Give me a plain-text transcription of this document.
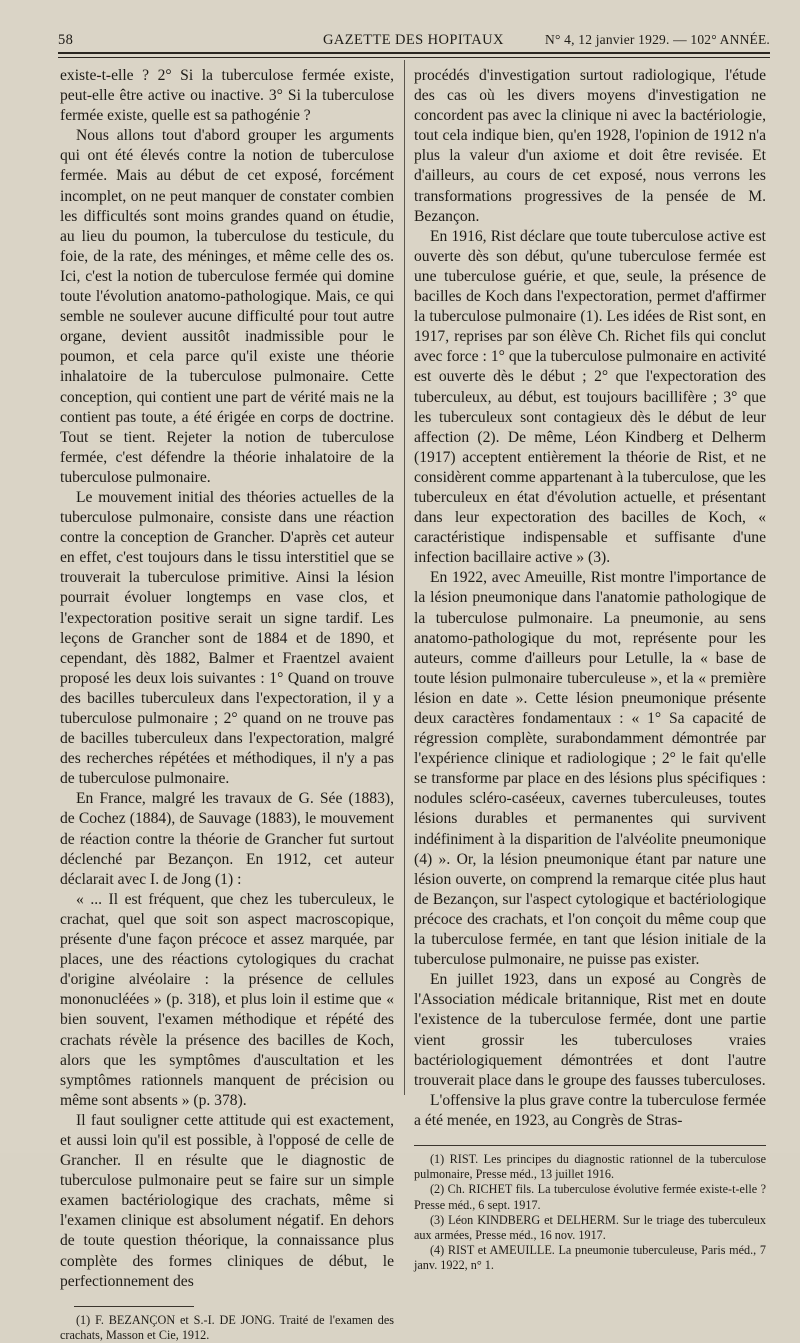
58	GAZETTE DES HOPITAUX	N° 4, 12 janvier 1929. — 102° ANNÉE.

existe-t-elle ? 2° Si la tuberculose fermée existe, peut-elle être active ou inactive. 3° Si la tuberculose fermée existe, quelle est sa pathogénie ?

Nous allons tout d'abord grouper les arguments qui ont été élevés contre la notion de tuberculose fermée. Mais au début de cet exposé, forcément incomplet, on ne peut manquer de constater combien les difficultés sont moins grandes quand on étudie, au lieu du poumon, la tuberculose du testicule, du foie, de la rate, des méninges, et même celle des os. Ici, c'est la notion de tuberculose fermée qui domine toute l'évolution anatomo-pathologique. Mais, ce qui semble ne soulever aucune difficulté pour tout autre organe, devient aussitôt inadmissible pour le poumon, et cela parce qu'il existe une théorie inhalatoire de la tuberculose pulmonaire. Cette conception, qui contient une part de vérité mais ne la contient pas toute, a été érigée en corps de doctrine. Tout se tient. Rejeter la notion de tuberculose fermée, c'est défendre la théorie inhalatoire de la tuberculose pulmonaire.

Le mouvement initial des théories actuelles de la tuberculose pulmonaire, consiste dans une réaction contre la conception de Grancher. D'après cet auteur en effet, c'est toujours dans le tissu interstitiel que se trouverait la tuberculose primitive. Ainsi la lésion pourrait évoluer longtemps en vase clos, et l'expectoration positive serait un signe tardif. Les leçons de Grancher sont de 1884 et de 1890, et cependant, dès 1882, Balmer et Fraentzel avaient proposé les deux lois suivantes : 1° Quand on trouve des bacilles tuberculeux dans l'expectoration, il y a tuberculose pulmonaire ; 2° quand on ne trouve pas de bacilles tuberculeux dans l'expectoration, malgré des recherches répétées et méthodiques, il n'y a pas de tuberculose pulmonaire.

En France, malgré les travaux de G. Sée (1883), de Cochez (1884), de Sauvage (1883), le mouvement de réaction contre la théorie de Grancher fut surtout déclenché par Bezançon. En 1912, cet auteur déclarait avec I. de Jong (1) :

« ... Il est fréquent, que chez les tuberculeux, le crachat, quel que soit son aspect macroscopique, présente d'une façon précoce et assez marquée, par places, une des réactions cytologiques du crachat d'origine alvéolaire : la présence de cellules mononucléées » (p. 318), et plus loin il estime que « bien souvent, l'examen méthodique et répété des crachats révèle la présence des bacilles de Koch, alors que les symptômes d'auscultation et les symptômes rationnels manquent de précision ou même sont absents » (p. 378).

Il faut souligner cette attitude qui est exactement, et aussi loin qu'il est possible, à l'opposé de celle de Grancher. Il en résulte que le diagnostic de tuberculose pulmonaire peut se faire sur un simple examen bactériologique des crachats, même si l'examen clinique est absolument négatif. En dehors de toute question théorique, la connaissance plus complète des formes cliniques de début, le perfectionnement des

(1) F. BEZANÇON et S.-I. DE JONG. Traité de l'examen des crachats, Masson et Cie, 1912.

procédés d'investigation surtout radiologique, l'étude des cas où les divers moyens d'investigation ne concordent pas avec la clinique ni avec la bactériologie, tout cela indique bien, qu'en 1928, l'opinion de 1912 n'a plus la valeur d'un axiome et doit être revisée. Et d'ailleurs, au cours de cet exposé, nous verrons les transformations progressives de la pensée de M. Bezançon.

En 1916, Rist déclare que toute tuberculose active est ouverte dès son début, qu'une tuberculose fermée est une tuberculose guérie, et que, seule, la présence de bacilles de Koch dans l'expectoration, permet d'affirmer la tuberculose pulmonaire (1). Les idées de Rist sont, en 1917, reprises par son élève Ch. Richet fils qui conclut avec force : 1° que la tuberculose pulmonaire en activité est ouverte dès le début ; 2° que l'expectoration des tuberculeux, au début, est toujours bacillifère ; 3° que les tuberculeux sont contagieux dès le début de leur affection (2). De même, Léon Kindberg et Delherm (1917) acceptent entièrement la théorie de Rist, et ne considèrent comme appartenant à la tuberculose, que les tuberculeux en état d'évolution actuelle, et présentant dans leur expectoration des bacilles de Koch, « caractéristique indispensable et suffisante d'une infection bacillaire active » (3).

En 1922, avec Ameuille, Rist montre l'importance de la lésion pneumonique dans l'anatomie pathologique de la tuberculose pulmonaire. La pneumonie, au sens anatomo-pathologique du mot, représente pour les auteurs, comme d'ailleurs pour Letulle, la « base de toute lésion pulmonaire tuberculeuse », et la « première lésion en date ». Cette lésion pneumonique présente deux caractères fondamentaux : « 1° Sa capacité de régression complète, surabondamment démontrée par l'expérience clinique et radiologique ; 2° le fait qu'elle se transforme par place en des lésions plus spécifiques : nodules scléro-caséeux, cavernes tuberculeuses, toutes lésions durables et permanentes qui survivent indéfiniment à la disparition de l'alvéolite pneumonique (4) ». Or, la lésion pneumonique étant par nature une lésion ouverte, on comprend la remarque citée plus haut de Bezançon, sur l'aspect cytologique et bactériologique précoce des crachats, et l'on conçoit du même coup que la tuberculose fermée, en tant que lésion initiale de la tuberculose pulmonaire, ne puisse pas exister.

En juillet 1923, dans un exposé au Congrès de l'Association médicale britannique, Rist met en doute l'existence de la tuberculose fermée, dont une partie vient grossir les tuberculoses vraies bactériologiquement démontrées et dont l'autre trouverait place dans le groupe des fausses tuberculoses.

L'offensive la plus grave contre la tuberculose fermée a été menée, en 1923, au Congrès de Stras-

(1) RIST. Les principes du diagnostic rationnel de la tuberculose pulmonaire, Presse méd., 13 juillet 1916.

(2) Ch. RICHET fils. La tuberculose évolutive fermée existe-t-elle ? Presse méd., 6 sept. 1917.

(3) Léon KINDBERG et DELHERM. Sur le triage des tuberculeux aux armées, Presse méd., 16 nov. 1917.

(4) RIST et AMEUILLE. La pneumonie tuberculeuse, Paris méd., 7 janv. 1922, n° 1.
